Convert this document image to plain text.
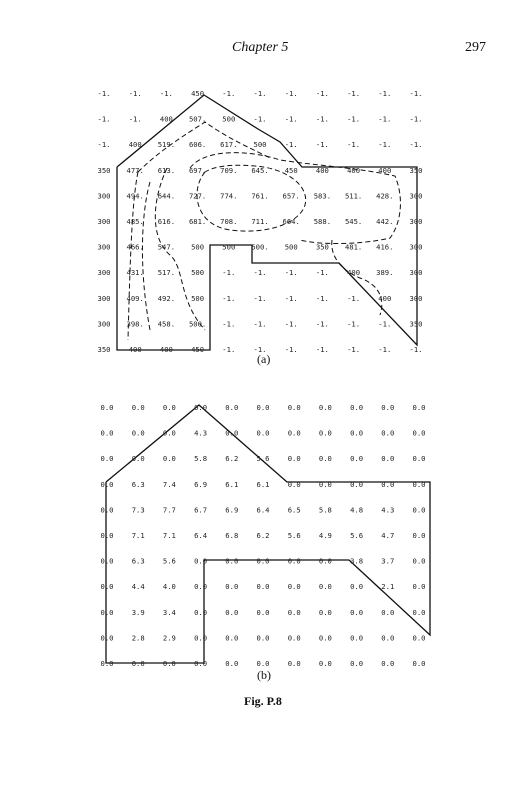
Chapter 5	297
-1.	-1.	-1.	450	-1.	-1.	-1.	-1.	-1.	-1.	-1.
-1.	-1.	400 507. 500	-1.	-1.	-1.	-1.	-1.	-1.
-1.	400 519. 606. 617. 500	-1.	-1.	-1.	-1.	-1.
350 477. 613. 697. 709. 645. 450	400	400	400	350
300 494. 644. 727. 774. 761. 657. 583. 511. 428. 300
300 485. 616. 681. 708. 711. 664. 588. 545. 442. 300
300 466. 547. 500	500 500. 500	350 481. 416. 300
300 431. 517. 500	-1.	-1.	-1.	-1.	400 389. 300
300 409. 492. 500	-1.	-1.	-1.	-1.	-1.	400	300
300 398. 458. 500. -1.	-1.	-1.	-1.	-1.	-1.	350
350	400	400	450	-1.	-1.	-1.	-1.	-1.	-1.	-1.
0.0	0.0	0.0	0.0	0.0	0.0	0.0	0.0	0.0	0.0	0.0
0.0	0.0	0.0	4.3	0.0	0.0	0.0	0.0	0.0	0.0	0.0
0.0	0.0	0.0	5.8	6.2	5.6	0.0	0.0	0.0	0.0	0.0
0.0	6.3	7.4	6.9	6.1	6.1	0.0	0.0	0.0	0.0	0.0
0.0	7.3	7.7	6.7	6.9	6.4	6.5	5.8	4.8	4.3	0.0
0.0	7.1	7.1	6.4	6.8	6.2	5.6	4.9	5.6	4.7	0.0
0.0	6.3	5.6	0.0	0.0	0.0	0.0	0.0	3.8	3.7	0.0
0.0	4.4	4.0	0.0	0.0	0.0	0.0	0.0	0.0	2.1	0.0
0.0	3.9	3.4	0.0	0.0	0.0	0.0	0.0	0.0	0.0	0.0
0.0	2.8	2.9	0.0	0.0	0.0	0.0	0.0	0.0	0.0	0.0
0.0	0.0	0.0	0.0	0.0	0.0	0.0	0.0	0.0	0.0	0.0
(a)
(b)
Fig. P.8
